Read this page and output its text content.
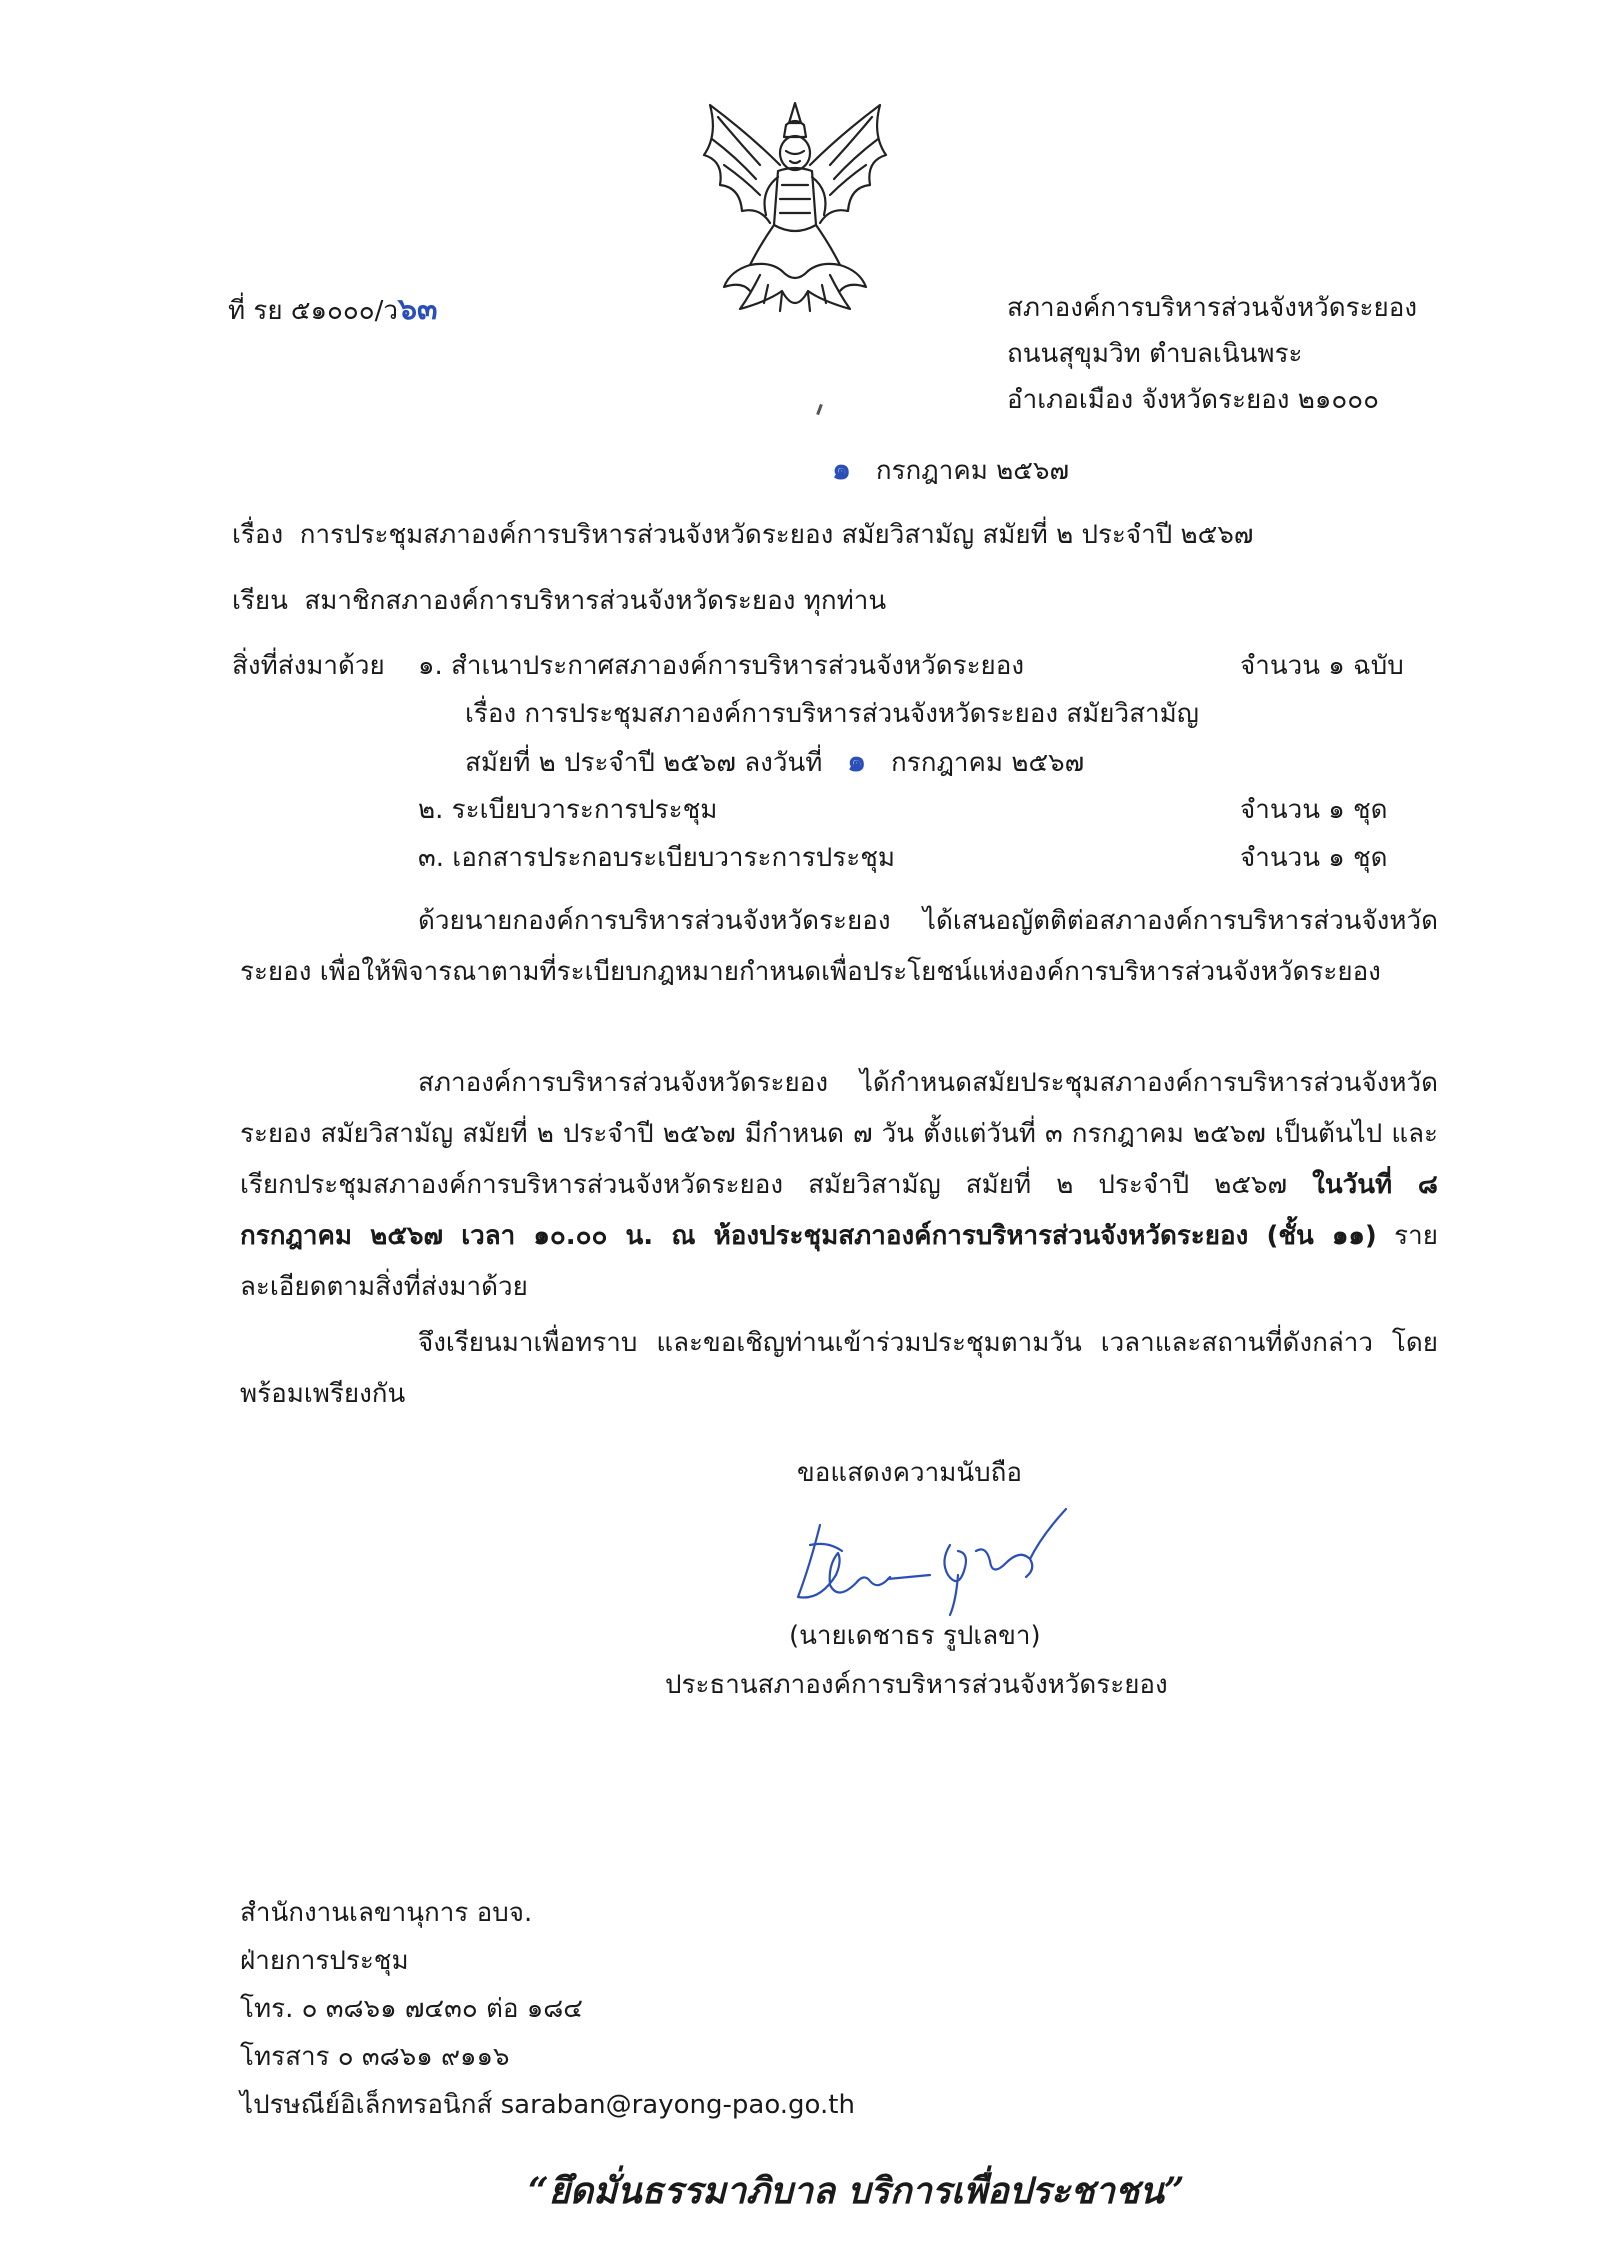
ที่ รย ๕๑๐๐๐/ว๖๓	สภาองค์การบริหารส่วนจังหวัดระยอง
ถนนสุขุมวิท ตำบลเนินพระ
อำเภอเมือง จังหวัดระยอง ๒๑๐๐๐
๑ กรกฎาคม ๒๕๖๗
เรื่อง การประชุมสภาองค์การบริหารส่วนจังหวัดระยอง สมัยวิสามัญ สมัยที่ ๒ ประจำปี ๒๕๖๗
เรียน สมาชิกสภาองค์การบริหารส่วนจังหวัดระยอง ทุกท่าน
สิ่งที่ส่งมาด้วย ๑. สำเนาประกาศสภาองค์การบริหารส่วนจังหวัดระยอง	จำนวน ๑ ฉบับ
เรื่อง การประชุมสภาองค์การบริหารส่วนจังหวัดระยอง สมัยวิสามัญ
สมัยที่ ๒ ประจำปี ๒๕๖๗ ลงวันที่ ๑ กรกฎาคม ๒๕๖๗
๒. ระเบียบวาระการประชุม	จำนวน ๑ ชุด
๓. เอกสารประกอบระเบียบวาระการประชุม	จำนวน ๑ ชุด
ด้วยนายกองค์การบริหารส่วนจังหวัดระยอง ได้เสนอญัตติต่อสภาองค์การบริหารส่วนจังหวัดระยอง เพื่อให้พิจารณาตามที่ระเบียบกฎหมายกำหนดเพื่อประโยชน์แห่งองค์การบริหารส่วนจังหวัดระยอง
สภาองค์การบริหารส่วนจังหวัดระยอง ได้กำหนดสมัยประชุมสภาองค์การบริหารส่วนจังหวัดระยอง สมัยวิสามัญ สมัยที่ ๒ ประจำปี ๒๕๖๗ มีกำหนด ๗ วัน ตั้งแต่วันที่ ๓ กรกฎาคม ๒๕๖๗ เป็นต้นไป และเรียกประชุมสภาองค์การบริหารส่วนจังหวัดระยอง สมัยวิสามัญ สมัยที่ ๒ ประจำปี ๒๕๖๗ ในวันที่ ๘ กรกฎาคม ๒๕๖๗ เวลา ๑๐.๐๐ น. ณ ห้องประชุมสภาองค์การบริหารส่วนจังหวัดระยอง (ชั้น ๑๑) รายละเอียดตามสิ่งที่ส่งมาด้วย
จึงเรียนมาเพื่อทราบ และขอเชิญท่านเข้าร่วมประชุมตามวัน เวลาและสถานที่ดังกล่าว โดยพร้อมเพรียงกัน
ขอแสดงความนับถือ
(นายเดชาธร รูปเลขา)
ประธานสภาองค์การบริหารส่วนจังหวัดระยอง
สำนักงานเลขานุการ อบจ.
ฝ่ายการประชุม
โทร. ๐ ๓๘๖๑ ๗๔๓๐ ต่อ ๑๘๔
โทรสาร ๐ ๓๘๖๑ ๙๑๑๖
ไปรษณีย์อิเล็กทรอนิกส์ saraban@rayong-pao.go.th
“ยึดมั่นธรรมาภิบาล บริการเพื่อประชาชน”
